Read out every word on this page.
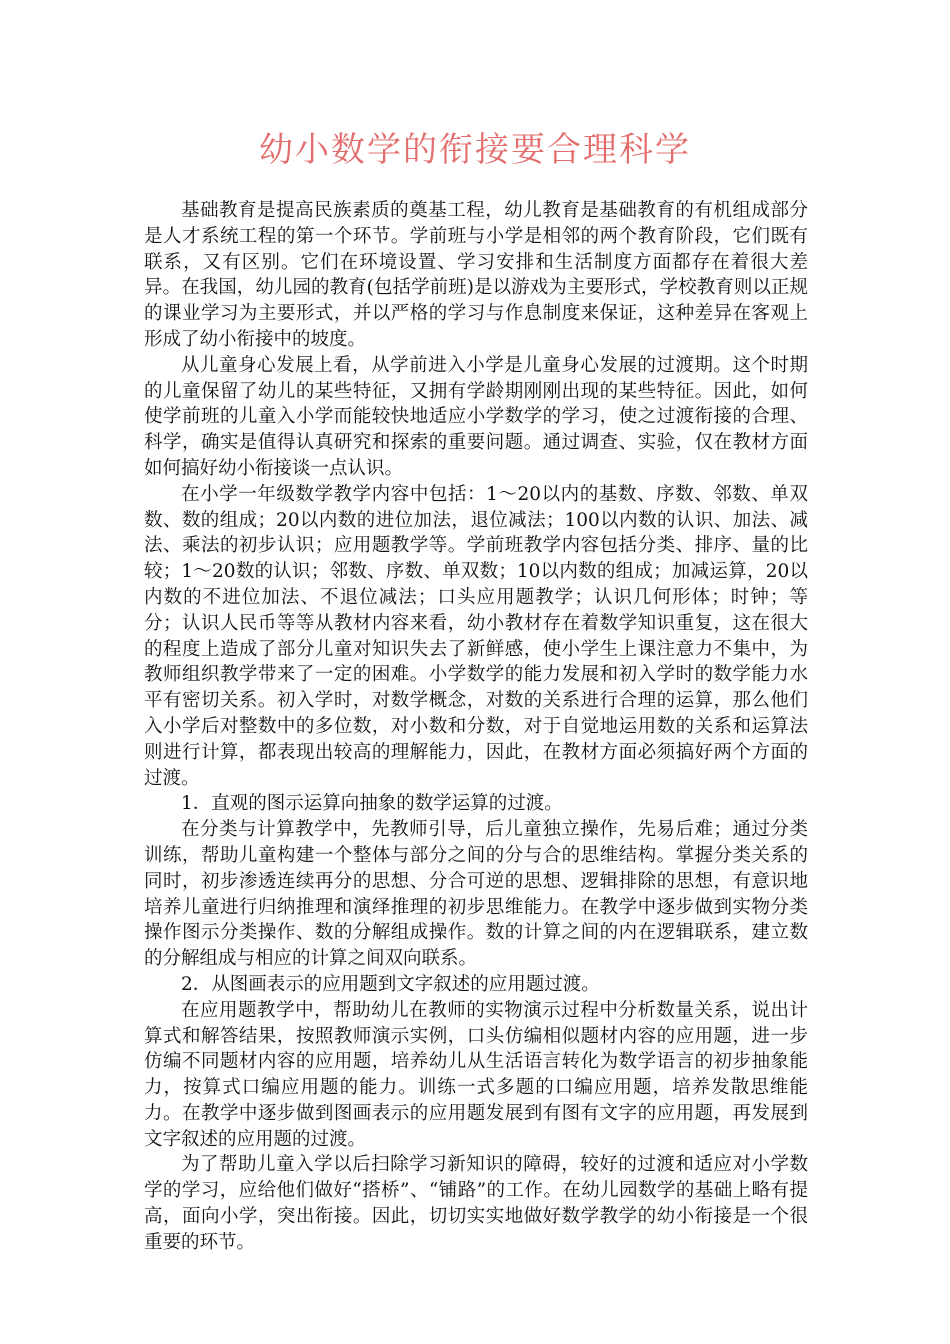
幼小数学的衔接要合理科学

基础教育是提高民族素质的奠基工程，幼儿教育是基础教育的有机组成部分是人才系统工程的第一个环节。学前班与小学是相邻的两个教育阶段，它们既有联系，又有区别。它们在环境设置、学习安排和生活制度方面都存在着很大差异。在我国，幼儿园的教育(包括学前班)是以游戏为主要形式，学校教育则以正规的课业学习为主要形式，并以严格的学习与作息制度来保证，这种差异在客观上形成了幼小衔接中的坡度。

从儿童身心发展上看，从学前进入小学是儿童身心发展的过渡期。这个时期的儿童保留了幼儿的某些特征，又拥有学龄期刚刚出现的某些特征。因此，如何使学前班的儿童入小学而能较快地适应小学数学的学习，使之过渡衔接的合理、科学，确实是值得认真研究和探索的重要问题。通过调查、实验，仅在教材方面如何搞好幼小衔接谈一点认识。

在小学一年级数学教学内容中包括：1～20以内的基数、序数、邻数、单双数、数的组成；20以内数的进位加法，退位减法；100以内数的认识、加法、减法、乘法的初步认识；应用题教学等。学前班教学内容包括分类、排序、量的比较；1～20数的认识；邻数、序数、单双数；10以内数的组成；加减运算，20以内数的不进位加法、不退位减法；口头应用题教学；认识几何形体；时钟；等分；认识人民币等等从教材内容来看，幼小教材存在着数学知识重复，这在很大的程度上造成了部分儿童对知识失去了新鲜感，使小学生上课注意力不集中，为教师组织教学带来了一定的困难。小学数学的能力发展和初入学时的数学能力水平有密切关系。初入学时，对数学概念，对数的关系进行合理的运算，那么他们入小学后对整数中的多位数，对小数和分数，对于自觉地运用数的关系和运算法则进行计算，都表现出较高的理解能力，因此，在教材方面必须搞好两个方面的过渡。

1．直观的图示运算向抽象的数学运算的过渡。

在分类与计算教学中，先教师引导，后儿童独立操作，先易后难；通过分类训练，帮助儿童构建一个整体与部分之间的分与合的思维结构。掌握分类关系的同时，初步渗透连续再分的思想、分合可逆的思想、逻辑排除的思想，有意识地培养儿童进行归纳推理和演绎推理的初步思维能力。在教学中逐步做到实物分类操作图示分类操作、数的分解组成操作。数的计算之间的内在逻辑联系，建立数的分解组成与相应的计算之间双向联系。

2．从图画表示的应用题到文字叙述的应用题过渡。

在应用题教学中，帮助幼儿在教师的实物演示过程中分析数量关系，说出计算式和解答结果，按照教师演示实例，口头仿编相似题材内容的应用题，进一步仿编不同题材内容的应用题，培养幼儿从生活语言转化为数学语言的初步抽象能力，按算式口编应用题的能力。训练一式多题的口编应用题，培养发散思维能力。在教学中逐步做到图画表示的应用题发展到有图有文字的应用题，再发展到文字叙述的应用题的过渡。

为了帮助儿童入学以后扫除学习新知识的障碍，较好的过渡和适应对小学数学的学习，应给他们做好“搭桥”、“铺路”的工作。在幼儿园数学的基础上略有提高，面向小学，突出衔接。因此，切切实实地做好数学教学的幼小衔接是一个很重要的环节。
